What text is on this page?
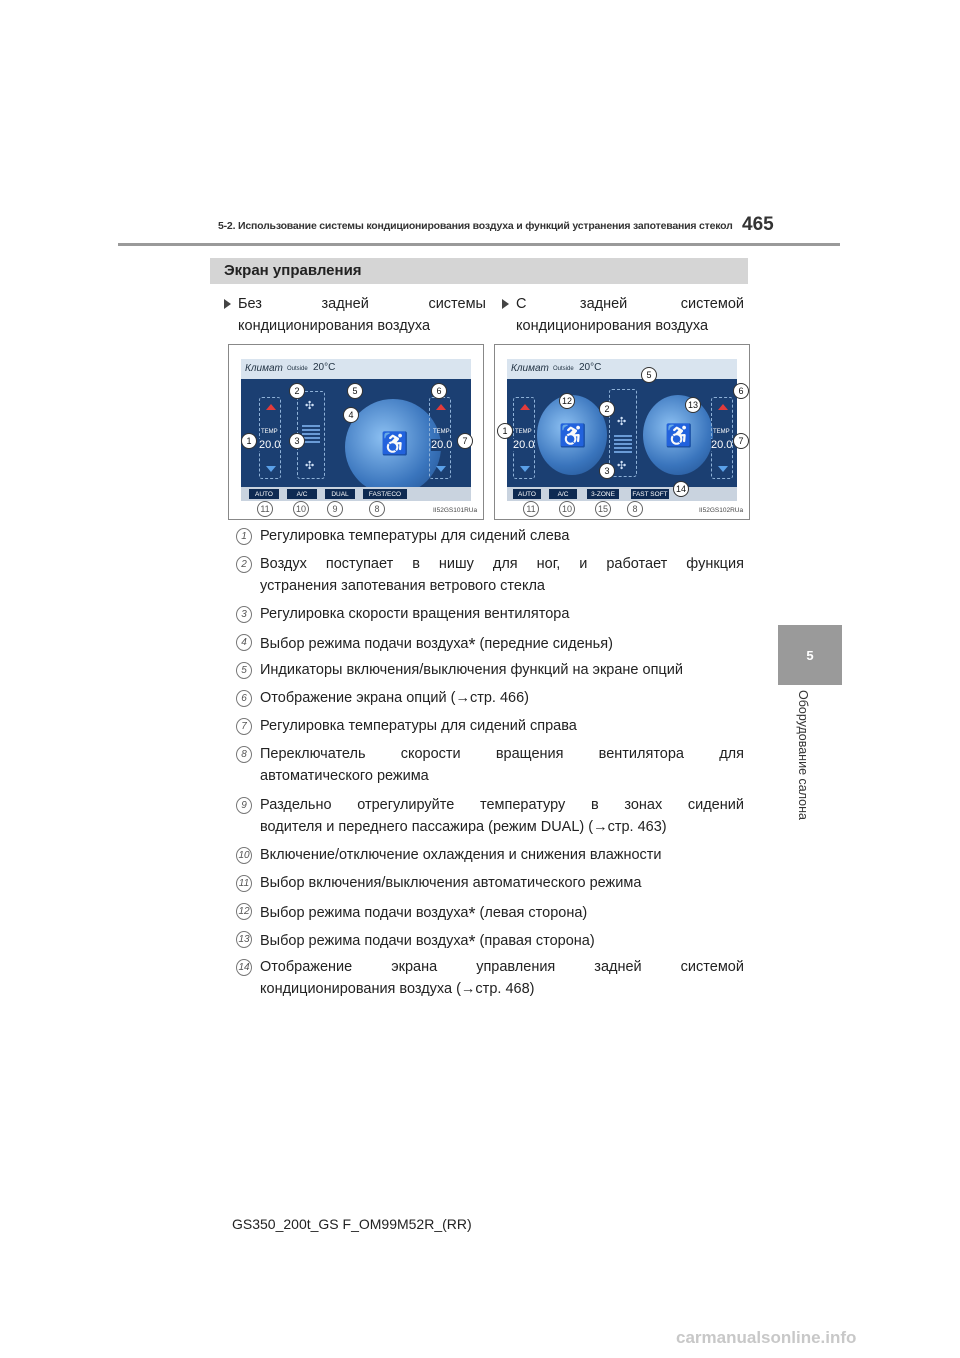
5-2. Использование системы кондиционирования воздуха и функций устранения запотевания стекол 465
5
Оборудование салона
Экран управления
Без	задней	системы
кондиционирования воздуха
С	задней	системой
кондиционирования воздуха
Климат Outside 20°C
TEMP
20.0
✣
✣
♿	TEMP
20.0
AUTO	A/C	DUAL	FAST/ECO
1
2
3
4
5	6
7
11	10	9	8	II52GS101RUa
Климат Outside 20°C
TEMP
20.0 ♿
✣
✣
♿	TEMP
20.0
AUTO	A/C	3-ZONE	FAST SOFT
1
2
3
5
6
7
12	13
14
11	10	15	8	II52GS102RUa
1 Регулировка температуры для сидений слева
2 Воздух поступает в нишу для ног, и работает функция
устранения запотевания ветрового стекла
3 Регулировка скорости вращения вентилятора
4 Выбор режима подачи воздуха* (передние сиденья)
5 Индикаторы включения/выключения функций на экране опций
6 Отображение экрана опций (→стр. 466)
7 Регулировка температуры для сидений справа
8 Переключатель скорости вращения вентилятора для
автоматического режима
9 Раздельно отрегулируйте температуру в зонах сидений
водителя и переднего пассажира (режим DUAL) (→стр. 463)
10 Включение/отключение охлаждения и снижения влажности
11 Выбор включения/выключения автоматического режима
12 Выбор режима подачи воздуха* (левая сторона)
13 Выбор режима подачи воздуха* (правая сторона)
14 Отображение	экрана	управления	задней	системой
кондиционирования воздуха (→стр. 468)
GS350_200t_GS F_OM99M52R_(RR)
carmanualsonline.info
